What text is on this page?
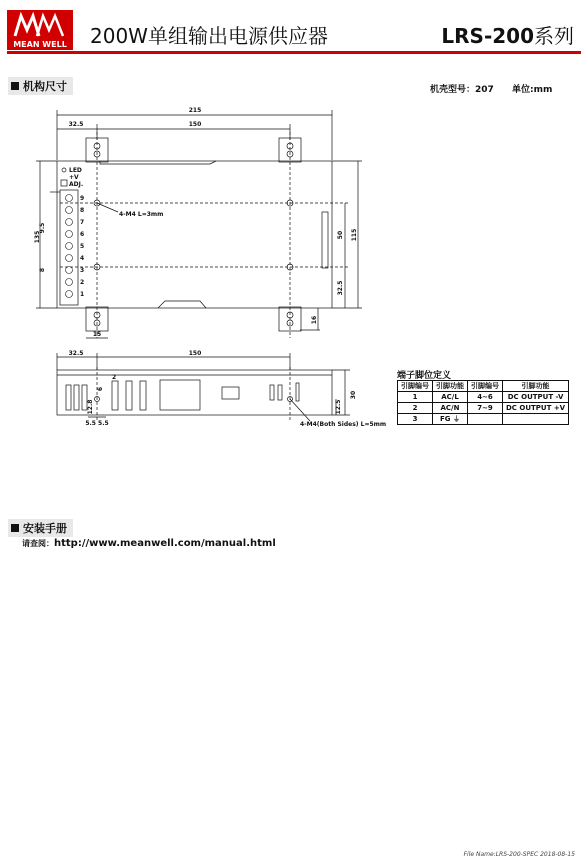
MEAN WELL 200W单组输出电源供应器	LRS-200系列
机构尺寸	机壳型号：207 单位:mm
215
32.5	150
135	115
50
32.5
16
15
9.5
8
LED
+V
ADJ.
4-M4 L=3mm
9
8
7
6
5
4
3
2
1
32.5	150
30
12.5
2
12.8
6
5.5 5.5	4-M4(Both Sides) L=5mm
端子脚位定义
引脚编号	引脚功能	引脚编号	引脚功能
1	AC/L	4~6	DC OUTPUT -V
2	AC/N	7~9	DC OUTPUT +V
3	FG ⏚		
安装手册
请查阅：http://www.meanwell.com/manual.html
File Name:LRS-200-SPEC 2018-08-15
